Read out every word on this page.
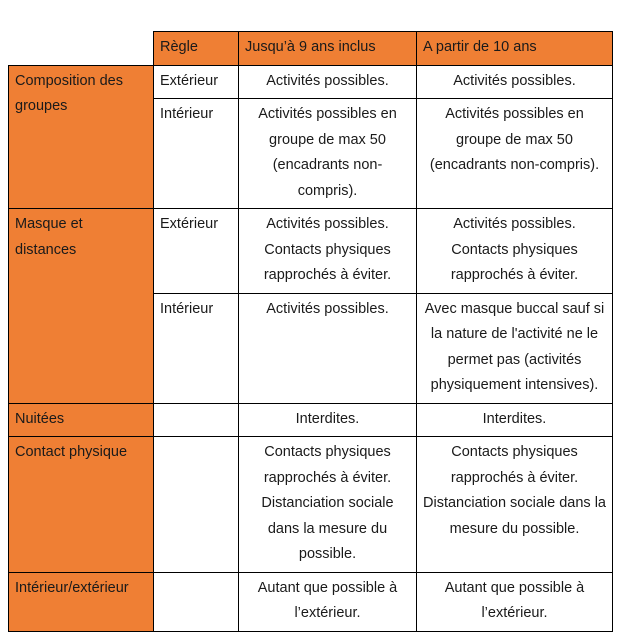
	Règle	Jusqu’à 9 ans inclus	A partir de 10 ans
Composition des groupes	Extérieur	Activités possibles.	Activités possibles.
	Intérieur	Activités possibles en groupe de max 50 (encadrants non-compris).	Activités possibles en groupe de max 50 (encadrants non-compris).
Masque et distances	Extérieur	Activités possibles. Contacts physiques rapprochés à éviter.	Activités possibles. Contacts physiques rapprochés à éviter.
	Intérieur	Activités possibles.	Avec masque buccal sauf si la nature de l'activité ne le permet pas (activités physiquement intensives).
Nuitées		Interdites.	Interdites.
Contact physique		Contacts physiques rapprochés à éviter. Distanciation sociale dans la mesure du possible.	Contacts physiques rapprochés à éviter. Distanciation sociale dans la mesure du possible.
Intérieur/extérieur		Autant que possible à l’extérieur.	Autant que possible à l’extérieur.
